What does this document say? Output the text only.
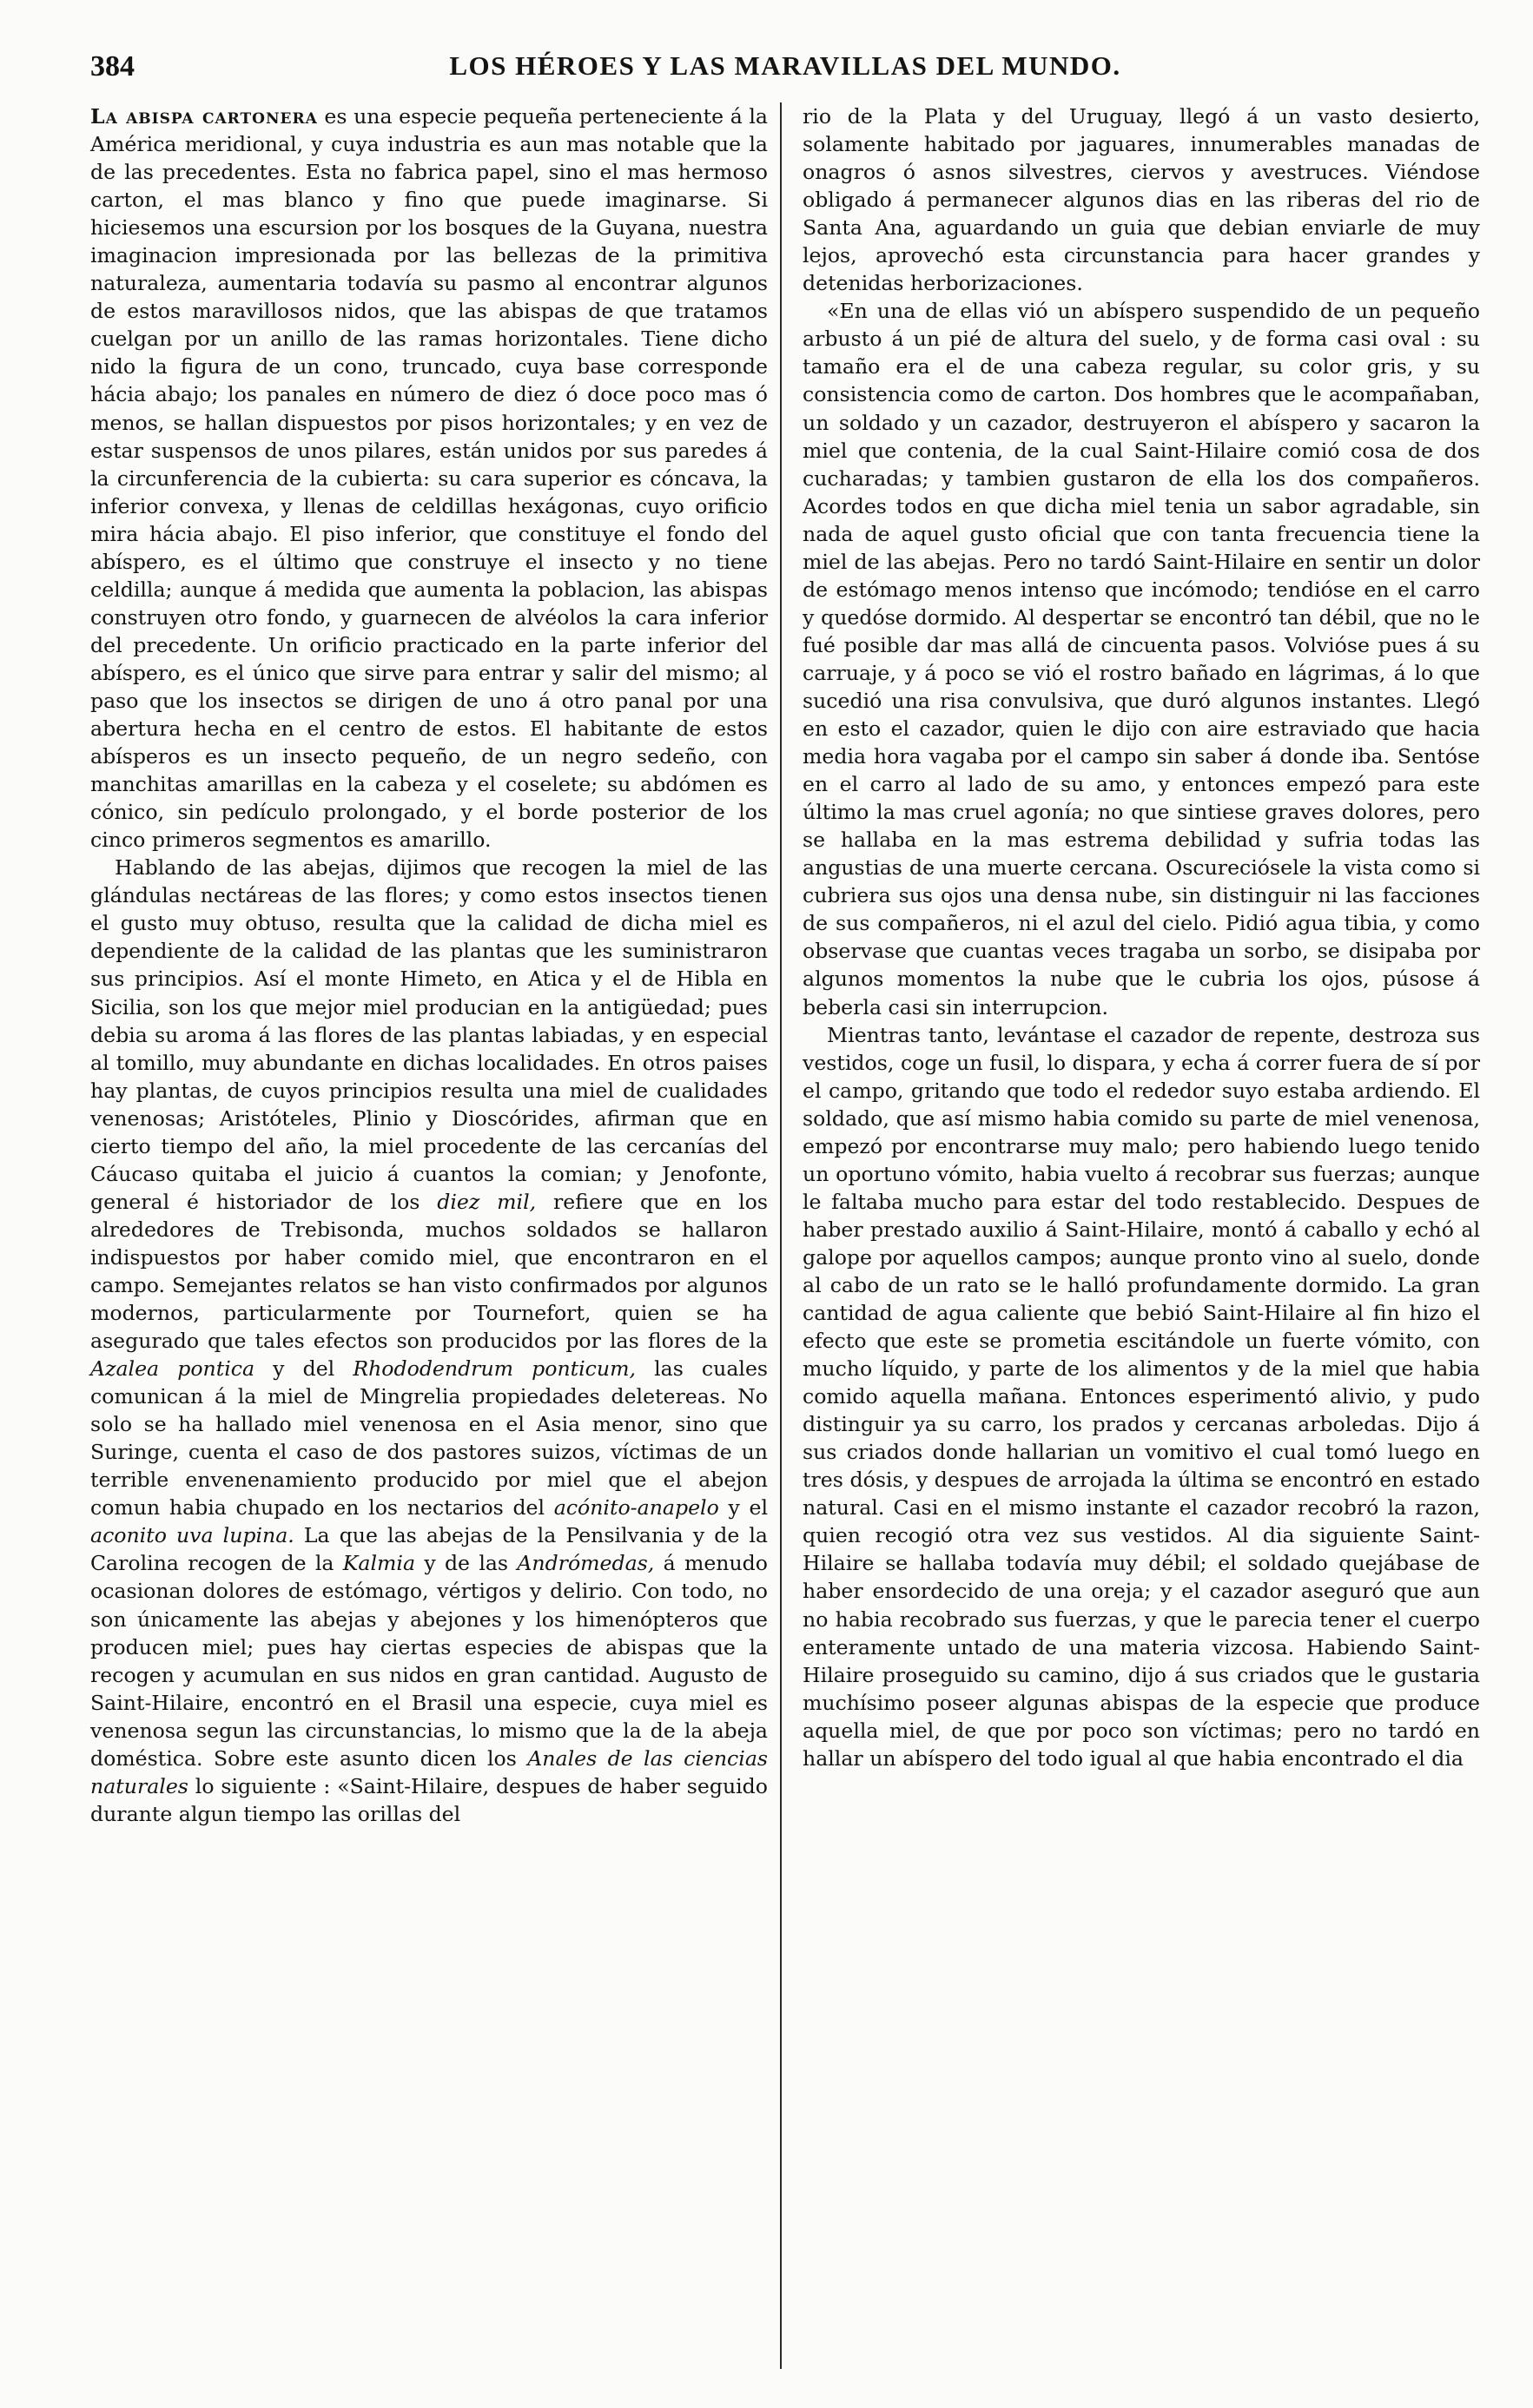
384	LOS HÉROES Y LAS MARAVILLAS DEL MUNDO.

La abispa cartonera es una especie pequeña perteneciente á la América meridional, y cuya industria es aun mas notable que la de las precedentes. Esta no fabrica papel, sino el mas hermoso carton, el mas blanco y fino que puede imaginarse. Si hiciesemos una escursion por los bosques de la Guyana, nuestra imaginacion impresionada por las bellezas de la primitiva naturaleza, aumentaria todavía su pasmo al encontrar algunos de estos maravillosos nidos, que las abispas de que tratamos cuelgan por un anillo de las ramas horizontales. Tiene dicho nido la figura de un cono, truncado, cuya base corresponde hácia abajo; los panales en número de diez ó doce poco mas ó menos, se hallan dispuestos por pisos horizontales; y en vez de estar suspensos de unos pilares, están unidos por sus paredes á la circunferencia de la cubierta: su cara superior es cóncava, la inferior convexa, y llenas de celdillas hexágonas, cuyo orificio mira hácia abajo. El piso inferior, que constituye el fondo del abíspero, es el último que construye el insecto y no tiene celdilla; aunque á medida que aumenta la poblacion, las abispas construyen otro fondo, y guarnecen de alvéolos la cara inferior del precedente. Un orificio practicado en la parte inferior del abíspero, es el único que sirve para entrar y salir del mismo; al paso que los insectos se dirigen de uno á otro panal por una abertura hecha en el centro de estos. El habitante de estos abísperos es un insecto pequeño, de un negro sedeño, con manchitas amarillas en la cabeza y el coselete; su abdómen es cónico, sin pedículo prolongado, y el borde posterior de los cinco primeros segmentos es amarillo.

Hablando de las abejas, dijimos que recogen la miel de las glándulas nectáreas de las flores; y como estos insectos tienen el gusto muy obtuso, resulta que la calidad de dicha miel es dependiente de la calidad de las plantas que les suministraron sus principios. Así el monte Himeto, en Atica y el de Hibla en Sicilia, son los que mejor miel producian en la antigüedad; pues debia su aroma á las flores de las plantas labiadas, y en especial al tomillo, muy abundante en dichas localidades. En otros paises hay plantas, de cuyos principios resulta una miel de cualidades venenosas; Aristóteles, Plinio y Dioscórides, afirman que en cierto tiempo del año, la miel procedente de las cercanías del Cáucaso quitaba el juicio á cuantos la comian; y Jenofonte, general é historiador de los diez mil, refiere que en los alrededores de Trebisonda, muchos soldados se hallaron indispuestos por haber comido miel, que encontraron en el campo. Semejantes relatos se han visto confirmados por algunos modernos, particularmente por Tournefort, quien se ha asegurado que tales efectos son producidos por las flores de la Azalea pontica y del Rhododendrum ponticum, las cuales comunican á la miel de Mingrelia propiedades deletereas. No solo se ha hallado miel venenosa en el Asia menor, sino que Suringe, cuenta el caso de dos pastores suizos, víctimas de un terrible envenenamiento producido por miel que el abejon comun habia chupado en los nectarios del acónito-anapelo y el aconito uva lupina. La que las abejas de la Pensilvania y de la Carolina recogen de la Kalmia y de las Andrómedas, á menudo ocasionan dolores de estómago, vértigos y delirio. Con todo, no son únicamente las abejas y abejones y los himenópteros que producen miel; pues hay ciertas especies de abispas que la recogen y acumulan en sus nidos en gran cantidad. Augusto de Saint-Hilaire, encontró en el Brasil una especie, cuya miel es venenosa segun las circunstancias, lo mismo que la de la abeja doméstica. Sobre este asunto dicen los Anales de las ciencias naturales lo siguiente : «Saint-Hilaire, despues de haber seguido durante algun tiempo las orillas del

rio de la Plata y del Uruguay, llegó á un vasto desierto, solamente habitado por jaguares, innumerables manadas de onagros ó asnos silvestres, ciervos y avestruces. Viéndose obligado á permanecer algunos dias en las riberas del rio de Santa Ana, aguardando un guia que debian enviarle de muy lejos, aprovechó esta circunstancia para hacer grandes y detenidas herborizaciones.

«En una de ellas vió un abíspero suspendido de un pequeño arbusto á un pié de altura del suelo, y de forma casi oval : su tamaño era el de una cabeza regular, su color gris, y su consistencia como de carton. Dos hombres que le acompañaban, un soldado y un cazador, destruyeron el abíspero y sacaron la miel que contenia, de la cual Saint-Hilaire comió cosa de dos cucharadas; y tambien gustaron de ella los dos compañeros. Acordes todos en que dicha miel tenia un sabor agradable, sin nada de aquel gusto oficial que con tanta frecuencia tiene la miel de las abejas. Pero no tardó Saint-Hilaire en sentir un dolor de estómago menos intenso que incómodo; tendióse en el carro y quedóse dormido. Al despertar se encontró tan débil, que no le fué posible dar mas allá de cincuenta pasos. Volvióse pues á su carruaje, y á poco se vió el rostro bañado en lágrimas, á lo que sucedió una risa convulsiva, que duró algunos instantes. Llegó en esto el cazador, quien le dijo con aire estraviado que hacia media hora vagaba por el campo sin saber á donde iba. Sentóse en el carro al lado de su amo, y entonces empezó para este último la mas cruel agonía; no que sintiese graves dolores, pero se hallaba en la mas estrema debilidad y sufria todas las angustias de una muerte cercana. Oscureciósele la vista como si cubriera sus ojos una densa nube, sin distinguir ni las facciones de sus compañeros, ni el azul del cielo. Pidió agua tibia, y como observase que cuantas veces tragaba un sorbo, se disipaba por algunos momentos la nube que le cubria los ojos, púsose á beberla casi sin interrupcion.

Mientras tanto, levántase el cazador de repente, destroza sus vestidos, coge un fusil, lo dispara, y echa á correr fuera de sí por el campo, gritando que todo el rededor suyo estaba ardiendo. El soldado, que así mismo habia comido su parte de miel venenosa, empezó por encontrarse muy malo; pero habiendo luego tenido un oportuno vómito, habia vuelto á recobrar sus fuerzas; aunque le faltaba mucho para estar del todo restablecido. Despues de haber prestado auxilio á Saint-Hilaire, montó á caballo y echó al galope por aquellos campos; aunque pronto vino al suelo, donde al cabo de un rato se le halló profundamente dormido. La gran cantidad de agua caliente que bebió Saint-Hilaire al fin hizo el efecto que este se prometia escitándole un fuerte vómito, con mucho líquido, y parte de los alimentos y de la miel que habia comido aquella mañana. Entonces esperimentó alivio, y pudo distinguir ya su carro, los prados y cercanas arboledas. Dijo á sus criados donde hallarian un vomitivo el cual tomó luego en tres dósis, y despues de arrojada la última se encontró en estado natural. Casi en el mismo instante el cazador recobró la razon, quien recogió otra vez sus vestidos. Al dia siguiente Saint-Hilaire se hallaba todavía muy débil; el soldado quejábase de haber ensordecido de una oreja; y el cazador aseguró que aun no habia recobrado sus fuerzas, y que le parecia tener el cuerpo enteramente untado de una materia vizcosa. Habiendo Saint-Hilaire proseguido su camino, dijo á sus criados que le gustaria muchísimo poseer algunas abispas de la especie que produce aquella miel, de que por poco son víctimas; pero no tardó en hallar un abíspero del todo igual al que habia encontrado el dia
